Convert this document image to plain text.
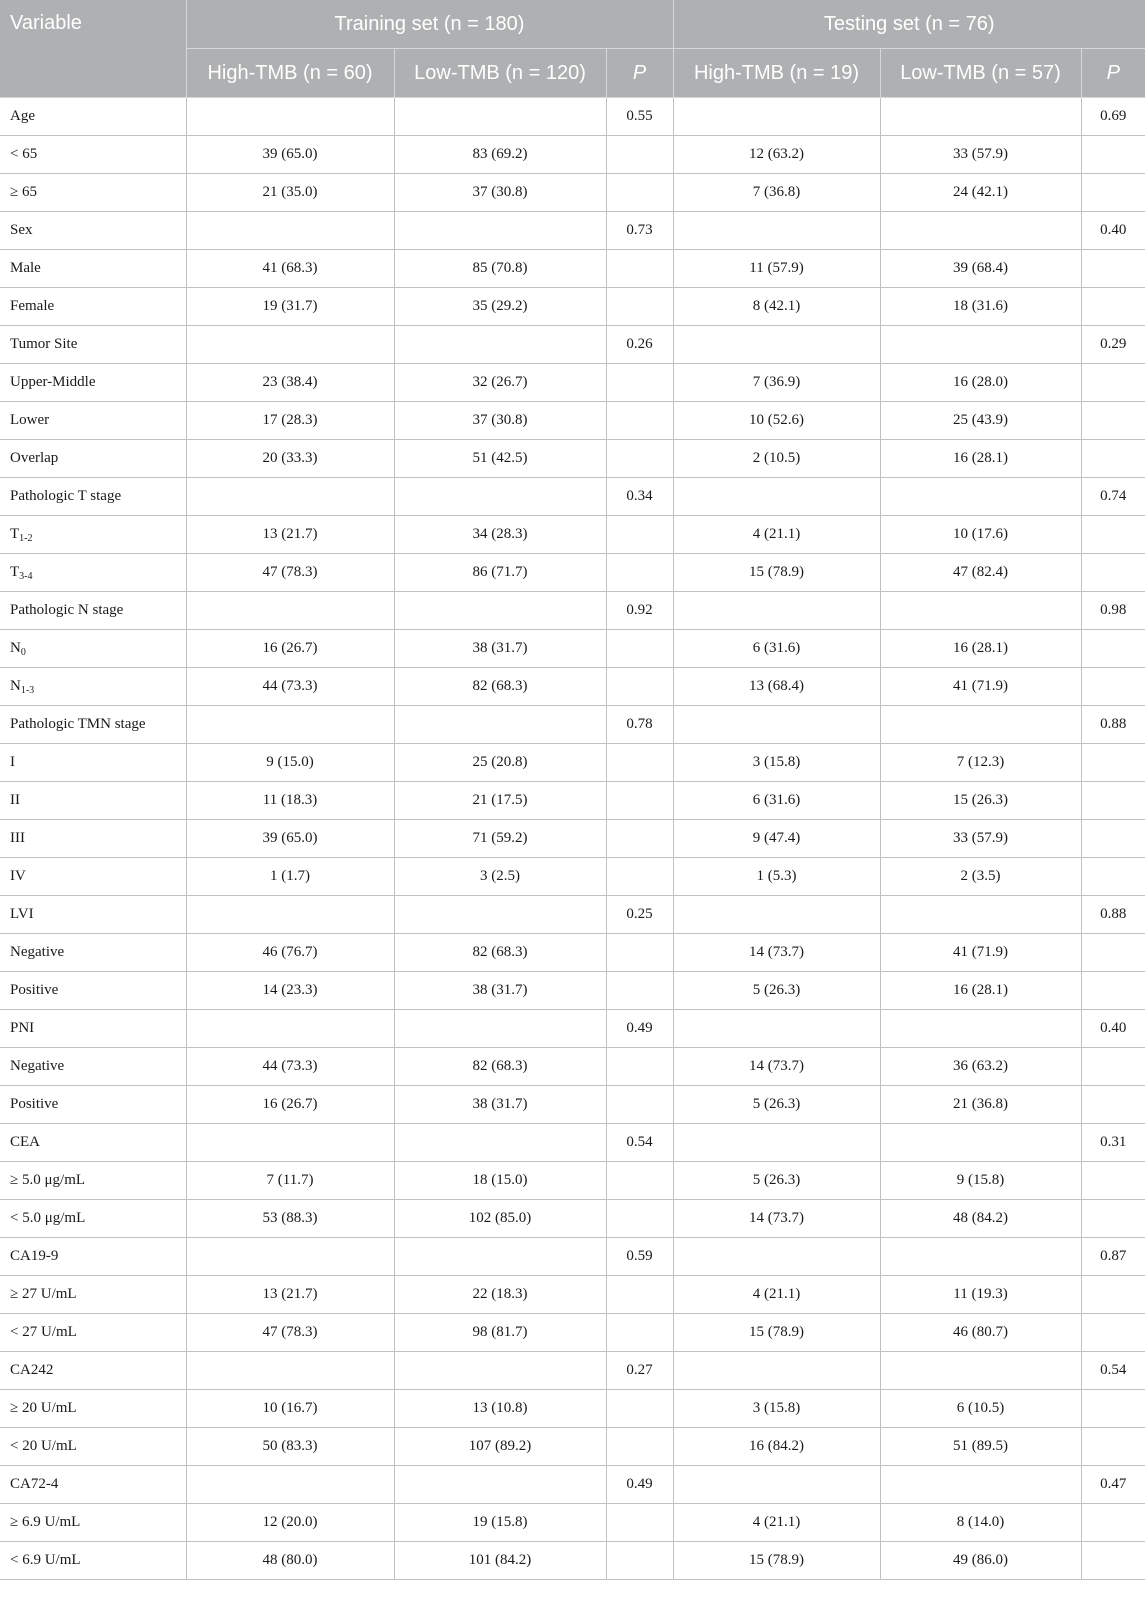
Variable	Training set (n = 180)			Testing set (n = 76)		
	High-TMB (n = 60)	Low-TMB (n = 120)	P	High-TMB (n = 19)	Low-TMB (n = 57)	P
Age			0.55			0.69
< 65	39 (65.0)	83 (69.2)		12 (63.2)	33 (57.9)	
≥ 65	21 (35.0)	37 (30.8)		7 (36.8)	24 (42.1)	
Sex			0.73			0.40
Male	41 (68.3)	85 (70.8)		11 (57.9)	39 (68.4)	
Female	19 (31.7)	35 (29.2)		8 (42.1)	18 (31.6)	
Tumor Site			0.26			0.29
Upper-Middle	23 (38.4)	32 (26.7)		7 (36.9)	16 (28.0)	
Lower	17 (28.3)	37 (30.8)		10 (52.6)	25 (43.9)	
Overlap	20 (33.3)	51 (42.5)		2 (10.5)	16 (28.1)	
Pathologic T stage			0.34			0.74
$T_{1-2}$	13 (21.7)	34 (28.3)		4 (21.1)	10 (17.6)	
$T_{3-4}$	47 (78.3)	86 (71.7)		15 (78.9)	47 (82.4)	
Pathologic N stage			0.92			0.98
$N_0$	16 (26.7)	38 (31.7)		6 (31.6)	16 (28.1)	
$N_{1-3}$	44 (73.3)	82 (68.3)		13 (68.4)	41 (71.9)	
Pathologic TMN stage			0.78			0.88
I	9 (15.0)	25 (20.8)		3 (15.8)	7 (12.3)	
II	11 (18.3)	21 (17.5)		6 (31.6)	15 (26.3)	
III	39 (65.0)	71 (59.2)		9 (47.4)	33 (57.9)	
IV	1 (1.7)	3 (2.5)		1 (5.3)	2 (3.5)	
LVI			0.25			0.88
Negative	46 (76.7)	82 (68.3)		14 (73.7)	41 (71.9)	
Positive	14 (23.3)	38 (31.7)		5 (26.3)	16 (28.1)	
PNI			0.49			0.40
Negative	44 (73.3)	82 (68.3)		14 (73.7)	36 (63.2)	
Positive	16 (26.7)	38 (31.7)		5 (26.3)	21 (36.8)	
CEA			0.54			0.31
≥ 5.0 μg/mL	7 (11.7)	18 (15.0)		5 (26.3)	9 (15.8)	
< 5.0 μg/mL	53 (88.3)	102 (85.0)		14 (73.7)	48 (84.2)	
CA19-9			0.59			0.87
≥ 27 U/mL	13 (21.7)	22 (18.3)		4 (21.1)	11 (19.3)	
< 27 U/mL	47 (78.3)	98 (81.7)		15 (78.9)	46 (80.7)	
CA242			0.27			0.54
≥ 20 U/mL	10 (16.7)	13 (10.8)		3 (15.8)	6 (10.5)	
< 20 U/mL	50 (83.3)	107 (89.2)		16 (84.2)	51 (89.5)	
CA72-4			0.49			0.47
≥ 6.9 U/mL	12 (20.0)	19 (15.8)		4 (21.1)	8 (14.0)	
< 6.9 U/mL	48 (80.0)	101 (84.2)		15 (78.9)	49 (86.0)	
